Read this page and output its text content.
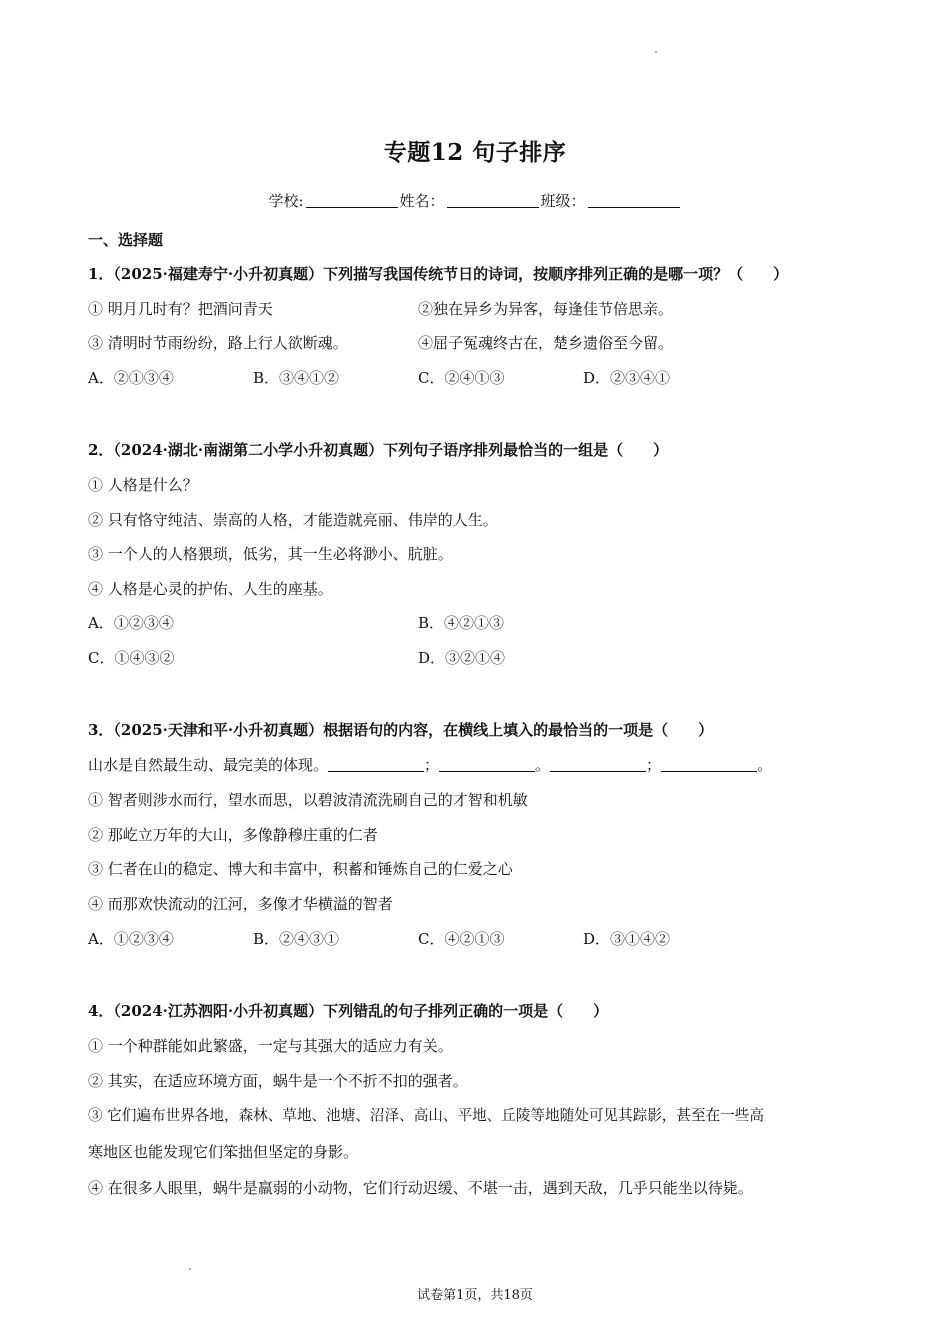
专题12 句子排序
学校:	姓名：	班级：
一、选择题
1．（2025·福建寿宁·小升初真题）下列描写我国传统节日的诗词，按顺序排列正确的是哪一项？（　　）
① 明月几时有？把酒问青天	②独在异乡为异客，每逢佳节倍思亲。
③ 清明时节雨纷纷，路上行人欲断魂。	④屈子冤魂终古在，楚乡遗俗至今留。
A．②①③④	B．③④①②	C．②④①③	D．②③④①
2．（2024·湖北·南湖第二小学小升初真题）下列句子语序排列最恰当的一组是（　　）
① 人格是什么？
② 只有恪守纯洁、崇高的人格，才能造就亮丽、伟岸的人生。
③ 一个人的人格猥琐，低劣，其一生必将渺小、肮脏。
④ 人格是心灵的护佑、人生的座基。
A．①②③④	B．④②①③
C．①④③②	D．③②①④
3．（2025·天津和平·小升初真题）根据语句的内容，在横线上填入的最恰当的一项是（　　）
山水是自然最生动、最完美的体现。	；	。	；	。
① 智者则涉水而行，望水而思，以碧波清流洗刷自己的才智和机敏
② 那屹立万年的大山，多像静穆庄重的仁者
③ 仁者在山的稳定、博大和丰富中，积蓄和锤炼自己的仁爱之心
④ 而那欢快流动的江河，多像才华横溢的智者
A．①②③④	B．②④③①	C．④②①③	D．③①④②
4．（2024·江苏泗阳·小升初真题）下列错乱的句子排列正确的一项是（　　）
① 一个种群能如此繁盛，一定与其强大的适应力有关。
② 其实，在适应环境方面，蜗牛是一个不折不扣的强者。
③ 它们遍布世界各地，森林、草地、池塘、沼泽、高山、平地、丘陵等地随处可见其踪影，甚至在一些高
寒地区也能发现它们笨拙但坚定的身影。
④ 在很多人眼里，蜗牛是羸弱的小动物，它们行动迟缓、不堪一击，遇到天敌，几乎只能坐以待毙。
试卷第1页，共18页
